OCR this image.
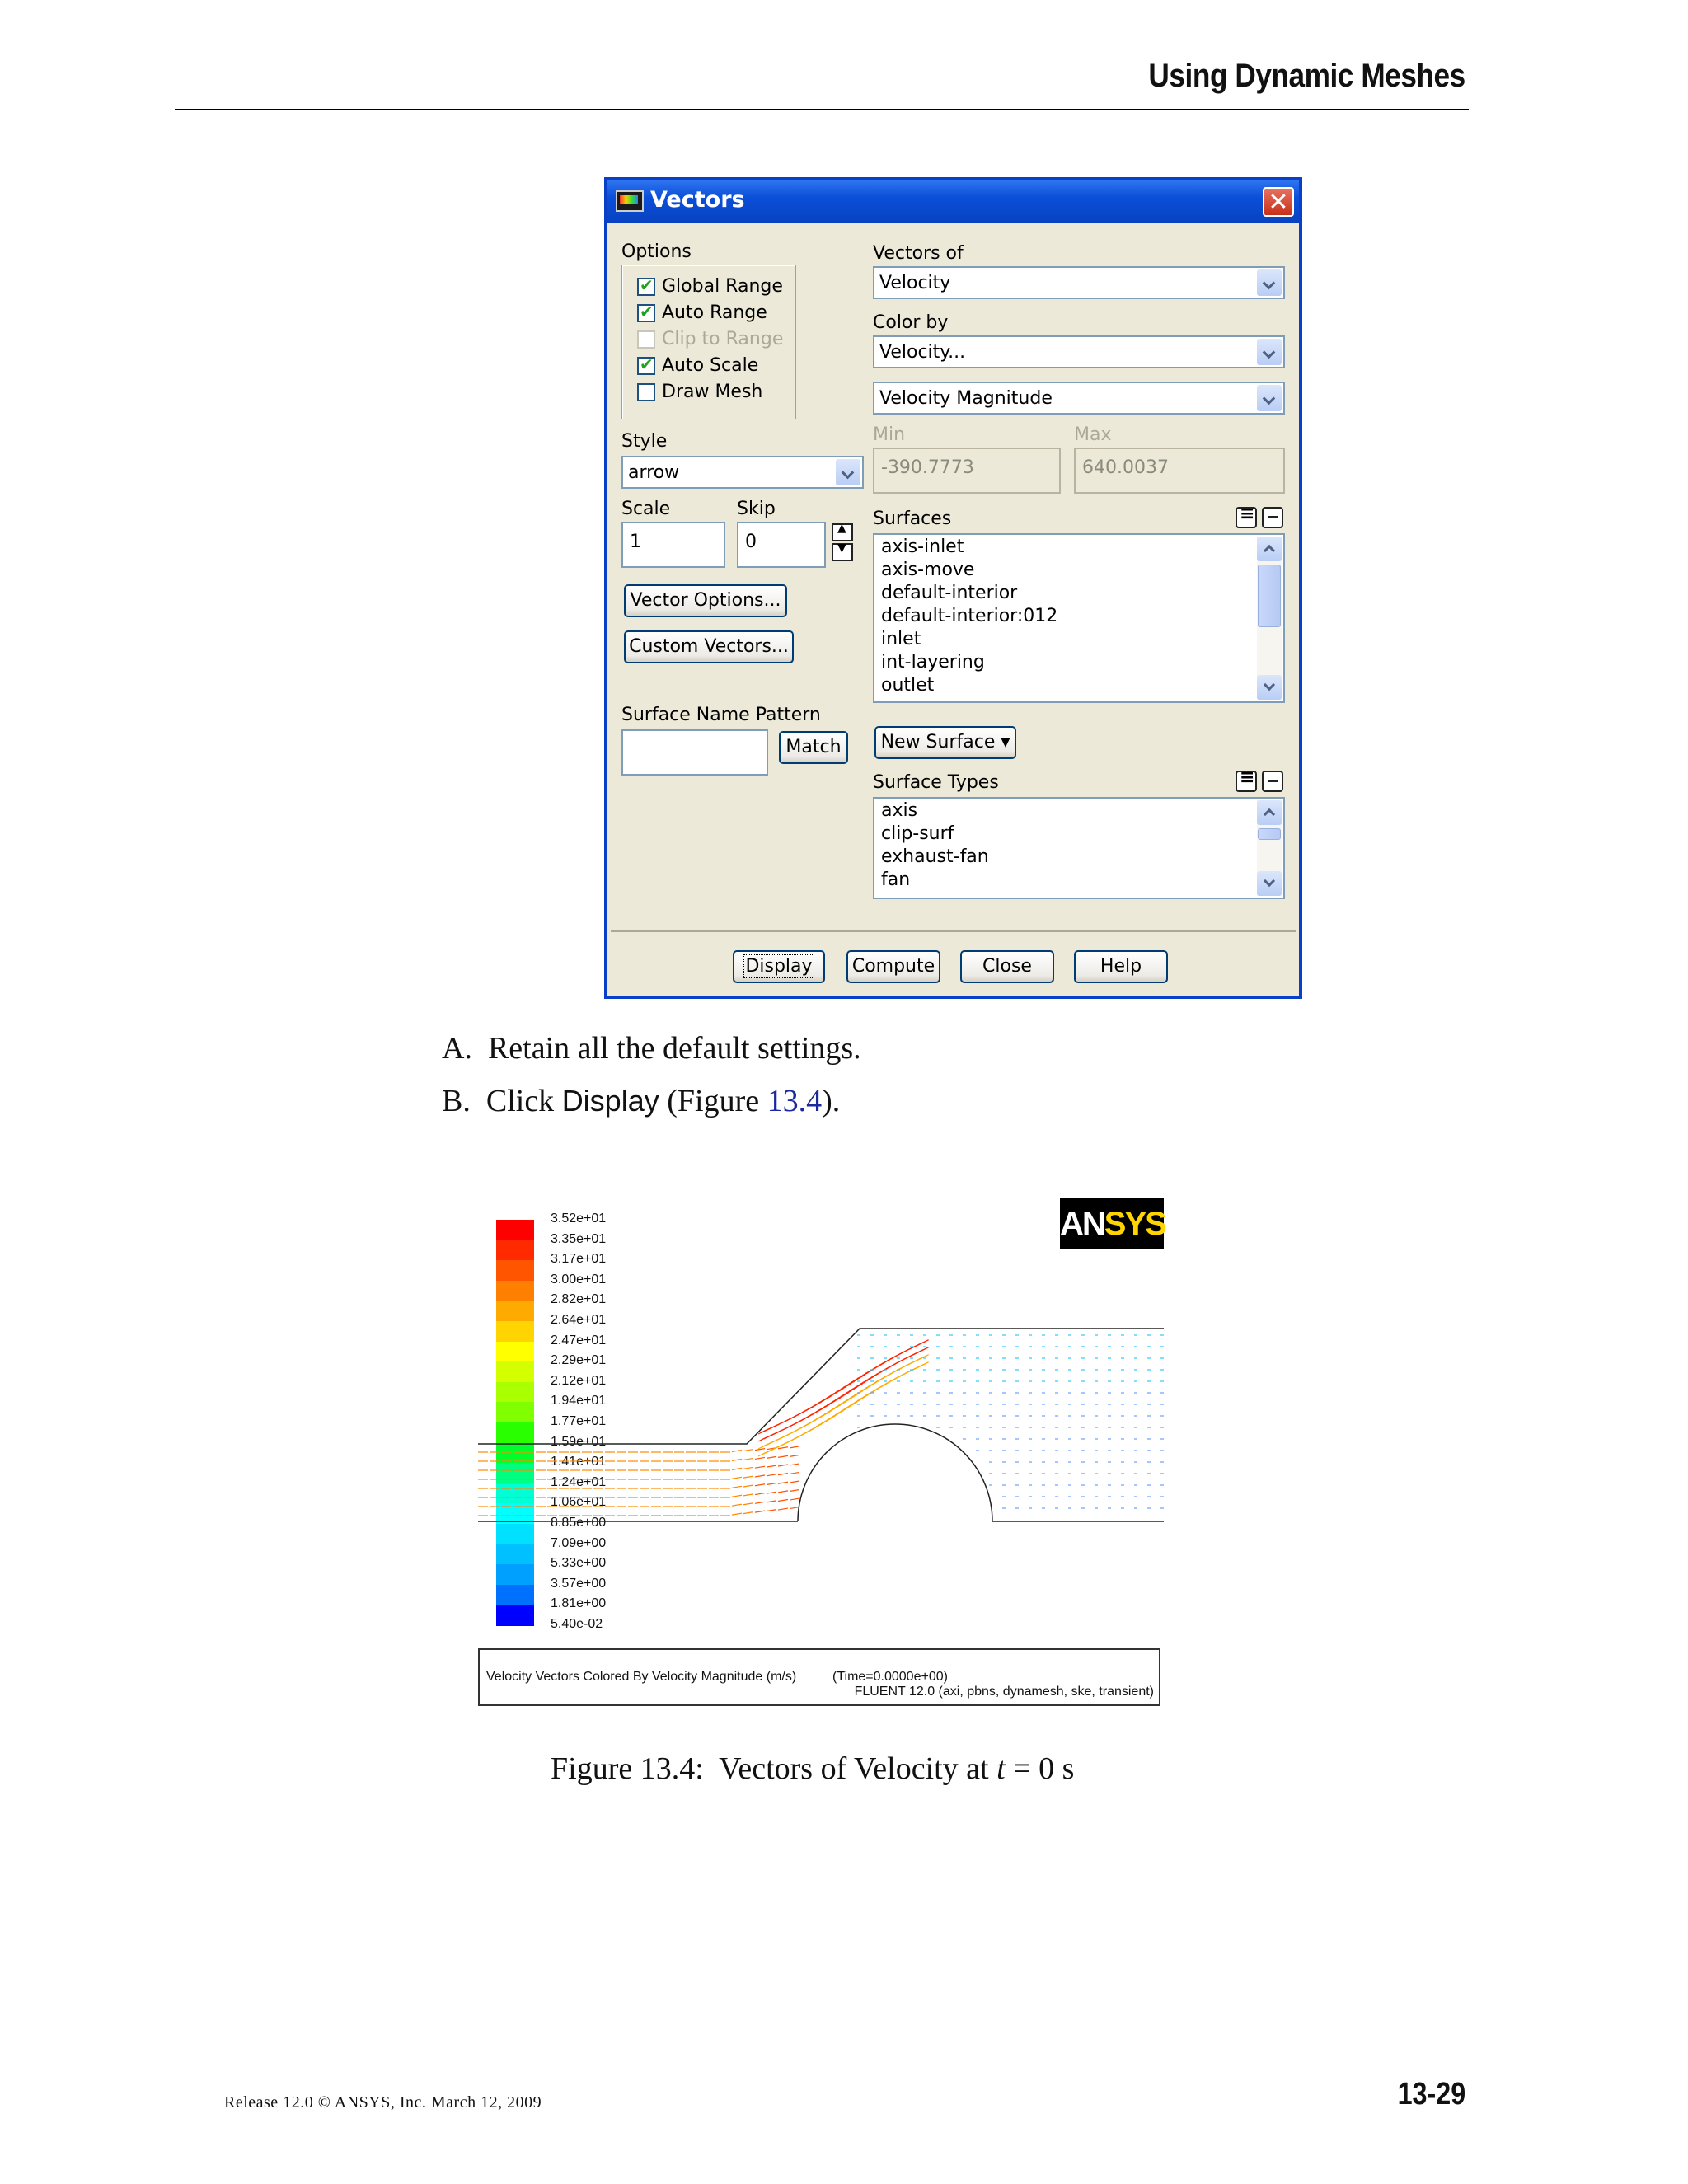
Using Dynamic Meshes
Vectors	✕
Options
✔
Global Range
✔
Auto Range
Clip to Range
✔
Auto Scale
Draw Mesh
Style
arrow
Scale
1
Skip
0
▲
▼
Vector Options...
Custom Vectors...
Surface Name Pattern
Match
Vectors of
Velocity
Color by
Velocity...
Velocity Magnitude
Min
-390.7773
Max
640.0037
Surfaces
≡
axis-inlet
axis-move
default-interior
default-interior:012
inlet
int-layering
outlet
New Surface ▾
Surface Types
≡
axis
clip-surf
exhaust-fan
fan
Display	Compute	Close	Help
A. Retain all the default settings.
B. Click Display (Figure 13.4).
3.52e+01
3.35e+01
3.17e+01
3.00e+01
2.82e+01
2.64e+01
2.47e+01
2.29e+01
2.12e+01
1.94e+01
1.77e+01
1.59e+01
1.41e+01
1.24e+01
1.06e+01
8.85e+00
7.09e+00
5.33e+00
3.57e+00
1.81e+00
5.40e-02
ANSYS
Velocity Vectors Colored By Velocity Magnitude (m/s)	(Time=0.0000e+00)
FLUENT 12.0 (axi, pbns, dynamesh, ske, transient)
Figure 13.4: Vectors of Velocity at t = 0 s
Release 12.0 © ANSYS, Inc. March 12, 2009	13-29
